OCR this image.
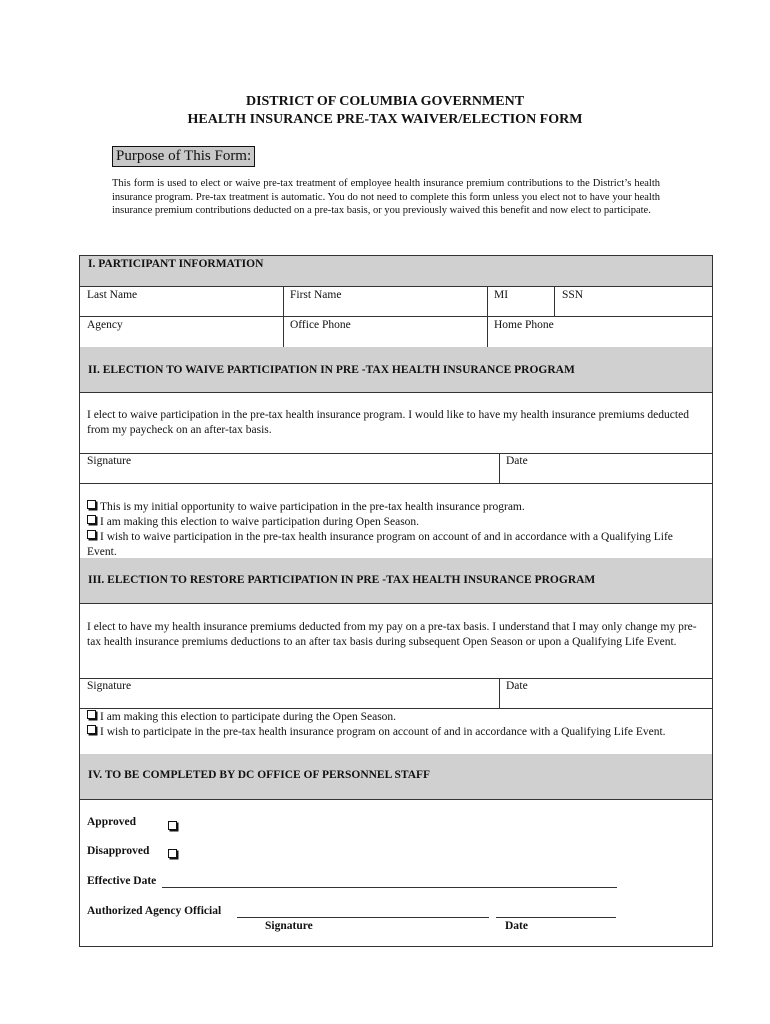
DISTRICT OF COLUMBIA GOVERNMENT
HEALTH INSURANCE PRE-TAX WAIVER/ELECTION FORM
Purpose of This Form:

This form is used to elect or waive pre-tax treatment of employee health insurance premium contributions to the District’s health insurance program. Pre-tax treatment is automatic. You do not need to complete this form unless you elect not to have your health insurance premium contributions deducted on a pre-tax basis, or you previously waived this benefit and now elect to participate.

I. PARTICIPANT INFORMATION
Last Name	First Name	MI	SSN
Agency	Office Phone	Home Phone
II. ELECTION TO WAIVE PARTICIPATION IN PRE -TAX HEALTH INSURANCE PROGRAM

I elect to waive participation in the pre-tax health insurance program. I would like to have my health insurance premiums deducted from my paycheck on an after-tax basis.

Signature	Date
This is my initial opportunity to waive participation in the pre-tax health insurance program.
I am making this election to waive participation during Open Season.
I wish to waive participation in the pre-tax health insurance program on account of and in accordance with a Qualifying Life Event.
III. ELECTION TO RESTORE PARTICIPATION IN PRE -TAX HEALTH INSURANCE PROGRAM

I elect to have my health insurance premiums deducted from my pay on a pre-tax basis. I understand that I may only change my pre-tax health insurance premiums deductions to an after tax basis during subsequent Open Season or upon a Qualifying Life Event.

Signature	Date
I am making this election to participate during the Open Season.
I wish to participate in the pre-tax health insurance program on account of and in accordance with a Qualifying Life Event.
IV. TO BE COMPLETED BY DC OFFICE OF PERSONNEL STAFF
Approved
Disapproved
Effective Date
Authorized Agency Official
Signature	Date
